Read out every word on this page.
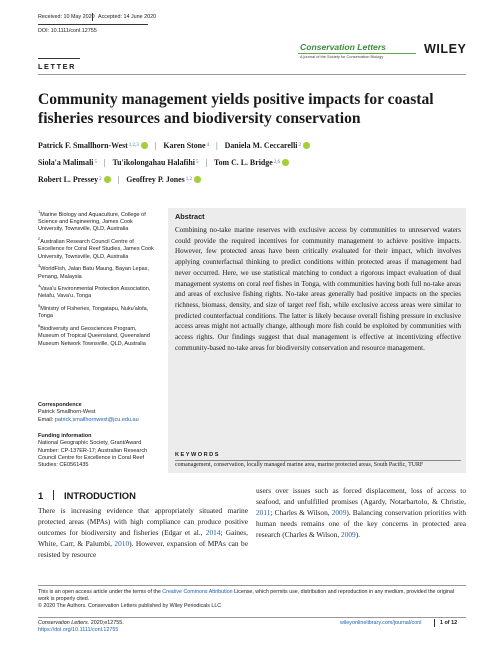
Received: 10 May 2020 Accepted: 14 June 2020
DOI: 10.1111/conl.12755
Conservation Letters
A journal of the Society for Conservation Biology
WILEY
LETTER
Community management yields positive impacts for coastal fisheries resources and biodiversity conservation
Patrick F. Smallhorn-West 1,2,3 | Karen Stone 4 | Daniela M. Ceccarelli 2
Siola'a Malimali 5 | Tu'ikolongahau Halafihi 5 | Tom C. L. Bridge 2,6
Robert L. Pressey 2 | Geoffrey P. Jones 1,2

$^1$Marine Biology and Aquaculture, College of Science and Engineering, James Cook University, Townsville, QLD, Australia

$^2$Australian Research Council Centre of Excellence for Coral Reef Studies, James Cook University, Townsville, QLD, Australia

$^3$WorldFish, Jalan Batu Maung, Bayan Lepas, Penang, Malaysia

$^4$Vava'u Environmental Protection Association, Neiafu, Vava'u, Tonga

$^5$Ministry of Fisheries, Tongatapu, Nuku'alofa, Tonga

$^6$Biodiversity and Geosciences Program, Museum of Tropical Queensland, Queensland Museum Network Townsville, QLD, Australia

Correspondence
Patrick Smallhorn-West
Email: patrick.smallhornwest@jcu.edu.au
Funding information
National Geographic Society, Grant/Award Number: CP-137ER-17; Australian Research Council Centre for Excellence in Coral Reef Studies: CE0561435
Abstract
Combining no-take marine reserves with exclusive access by communities to unreserved waters could provide the required incentives for community management to achieve positive impacts. However, few protected areas have been critically evaluated for their impact, which involves applying counterfactual thinking to predict conditions within protected areas if management had never occurred. Here, we use statistical matching to conduct a rigorous impact evaluation of dual management systems on coral reef fishes in Tonga, with communities having both full no-take areas and areas of exclusive fishing rights. No-take areas generally had positive impacts on the species richness, biomass, density, and size of target reef fish, while exclusive access areas were similar to predicted counterfactual conditions. The latter is likely because overall fishing pressure in exclusive access areas might not actually change, although more fish could be exploited by communities with access rights. Our findings suggest that dual management is effective at incentivizing effective community-based no-take areas for biodiversity conservation and resource management.
KEYWORDS
comanagement, conservation, locally managed marine area, marine protected areas, South Pacific, TURF
1 INTRODUCTION
There is increasing evidence that appropriately situated marine protected areas (MPAs) with high compliance can produce positive outcomes for biodiversity and fisheries (Edgar et al., 2014; Gaines, White, Carr, & Palumbi, 2010). However, expansion of MPAs can be resisted by resource
users over issues such as forced displacement, loss of access to seafood, and unfulfilled promises (Agardy, Notarbartolo, & Christie, 2011; Charles & Wilson, 2009). Balancing conservation priorities with human needs remains one of the key concerns in protected area research (Charles & Wilson, 2009).
This is an open access article under the terms of the Creative Commons Attribution License, which permits use, distribution and reproduction in any medium, provided the original work is properly cited.
© 2020 The Authors. Conservation Letters published by Wiley Periodicals LLC
Conservation Letters. 2020;e12755.
https://doi.org/10.1111/conl.12755
wileyonlinelibrary.com/journal/conl	1 of 12
